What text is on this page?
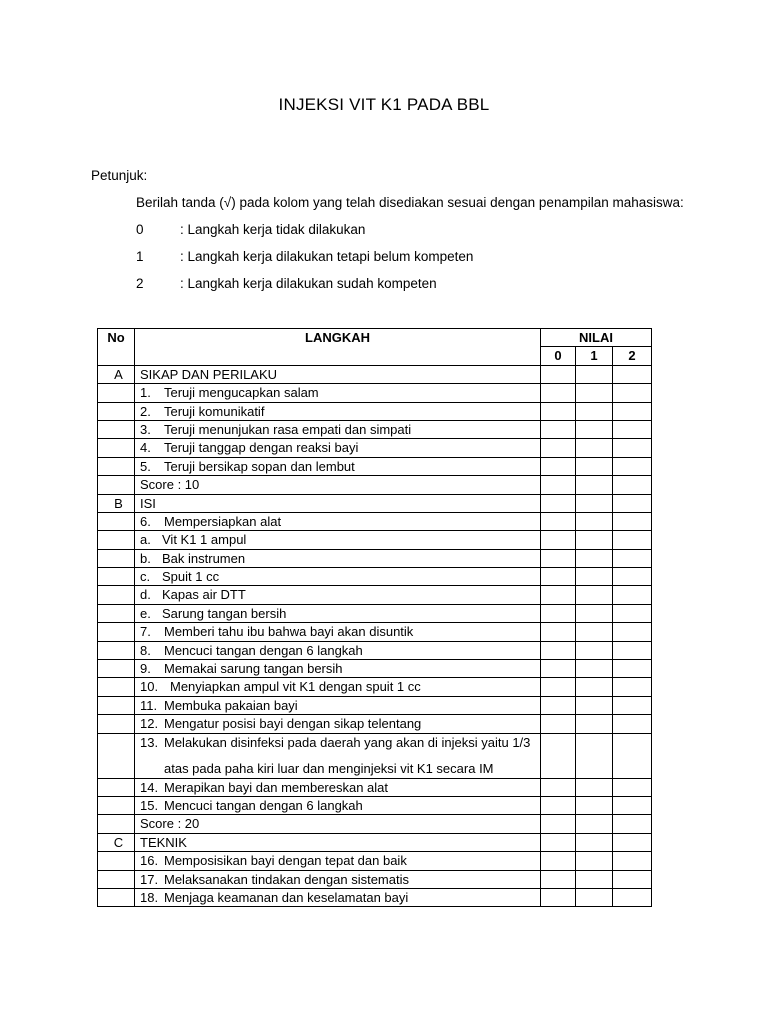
INJEKSI VIT K1 PADA BBL
Petunjuk:
Berilah tanda (√) pada kolom yang telah disediakan sesuai dengan penampilan mahasiswa:
0	: Langkah kerja tidak dilakukan
1	: Langkah kerja dilakukan tetapi belum kompeten
2	: Langkah kerja dilakukan sudah kompeten
No	LANGKAH	NILAI		
		0	1	2
A	SIKAP DAN PERILAKU			
	1. Teruji mengucapkan salam			
	2. Teruji komunikatif			
	3. Teruji menunjukan rasa empati dan simpati			
	4. Teruji tanggap dengan reaksi bayi			
	5. Teruji bersikap sopan dan lembut			
	Score : 10			
B	ISI			
	6. Mempersiapkan alat			
	a. Vit K1 1 ampul			
	b. Bak instrumen			
	c. Spuit 1 cc			
	d. Kapas air DTT			
	e. Sarung tangan bersih			
	7. Memberi tahu ibu bahwa bayi akan disuntik			
	8. Mencuci tangan dengan 6 langkah			
	9. Memakai sarung tangan bersih			
	10. Menyiapkan ampul vit K1 dengan spuit 1 cc			
	11. Membuka pakaian bayi			
	12. Mengatur posisi bayi dengan sikap telentang			
	13. Melakukan disinfeksi pada daerah yang akan di injeksi yaitu 1/3
atas pada paha kiri luar dan menginjeksi vit K1 secara IM			

	14. Merapikan bayi dan membereskan alat			
	15. Mencuci tangan dengan 6 langkah			
	Score : 20			
C	TEKNIK			
	16. Memposisikan bayi dengan tepat dan baik			
	17. Melaksanakan tindakan dengan sistematis			
	18. Menjaga keamanan dan keselamatan bayi			
